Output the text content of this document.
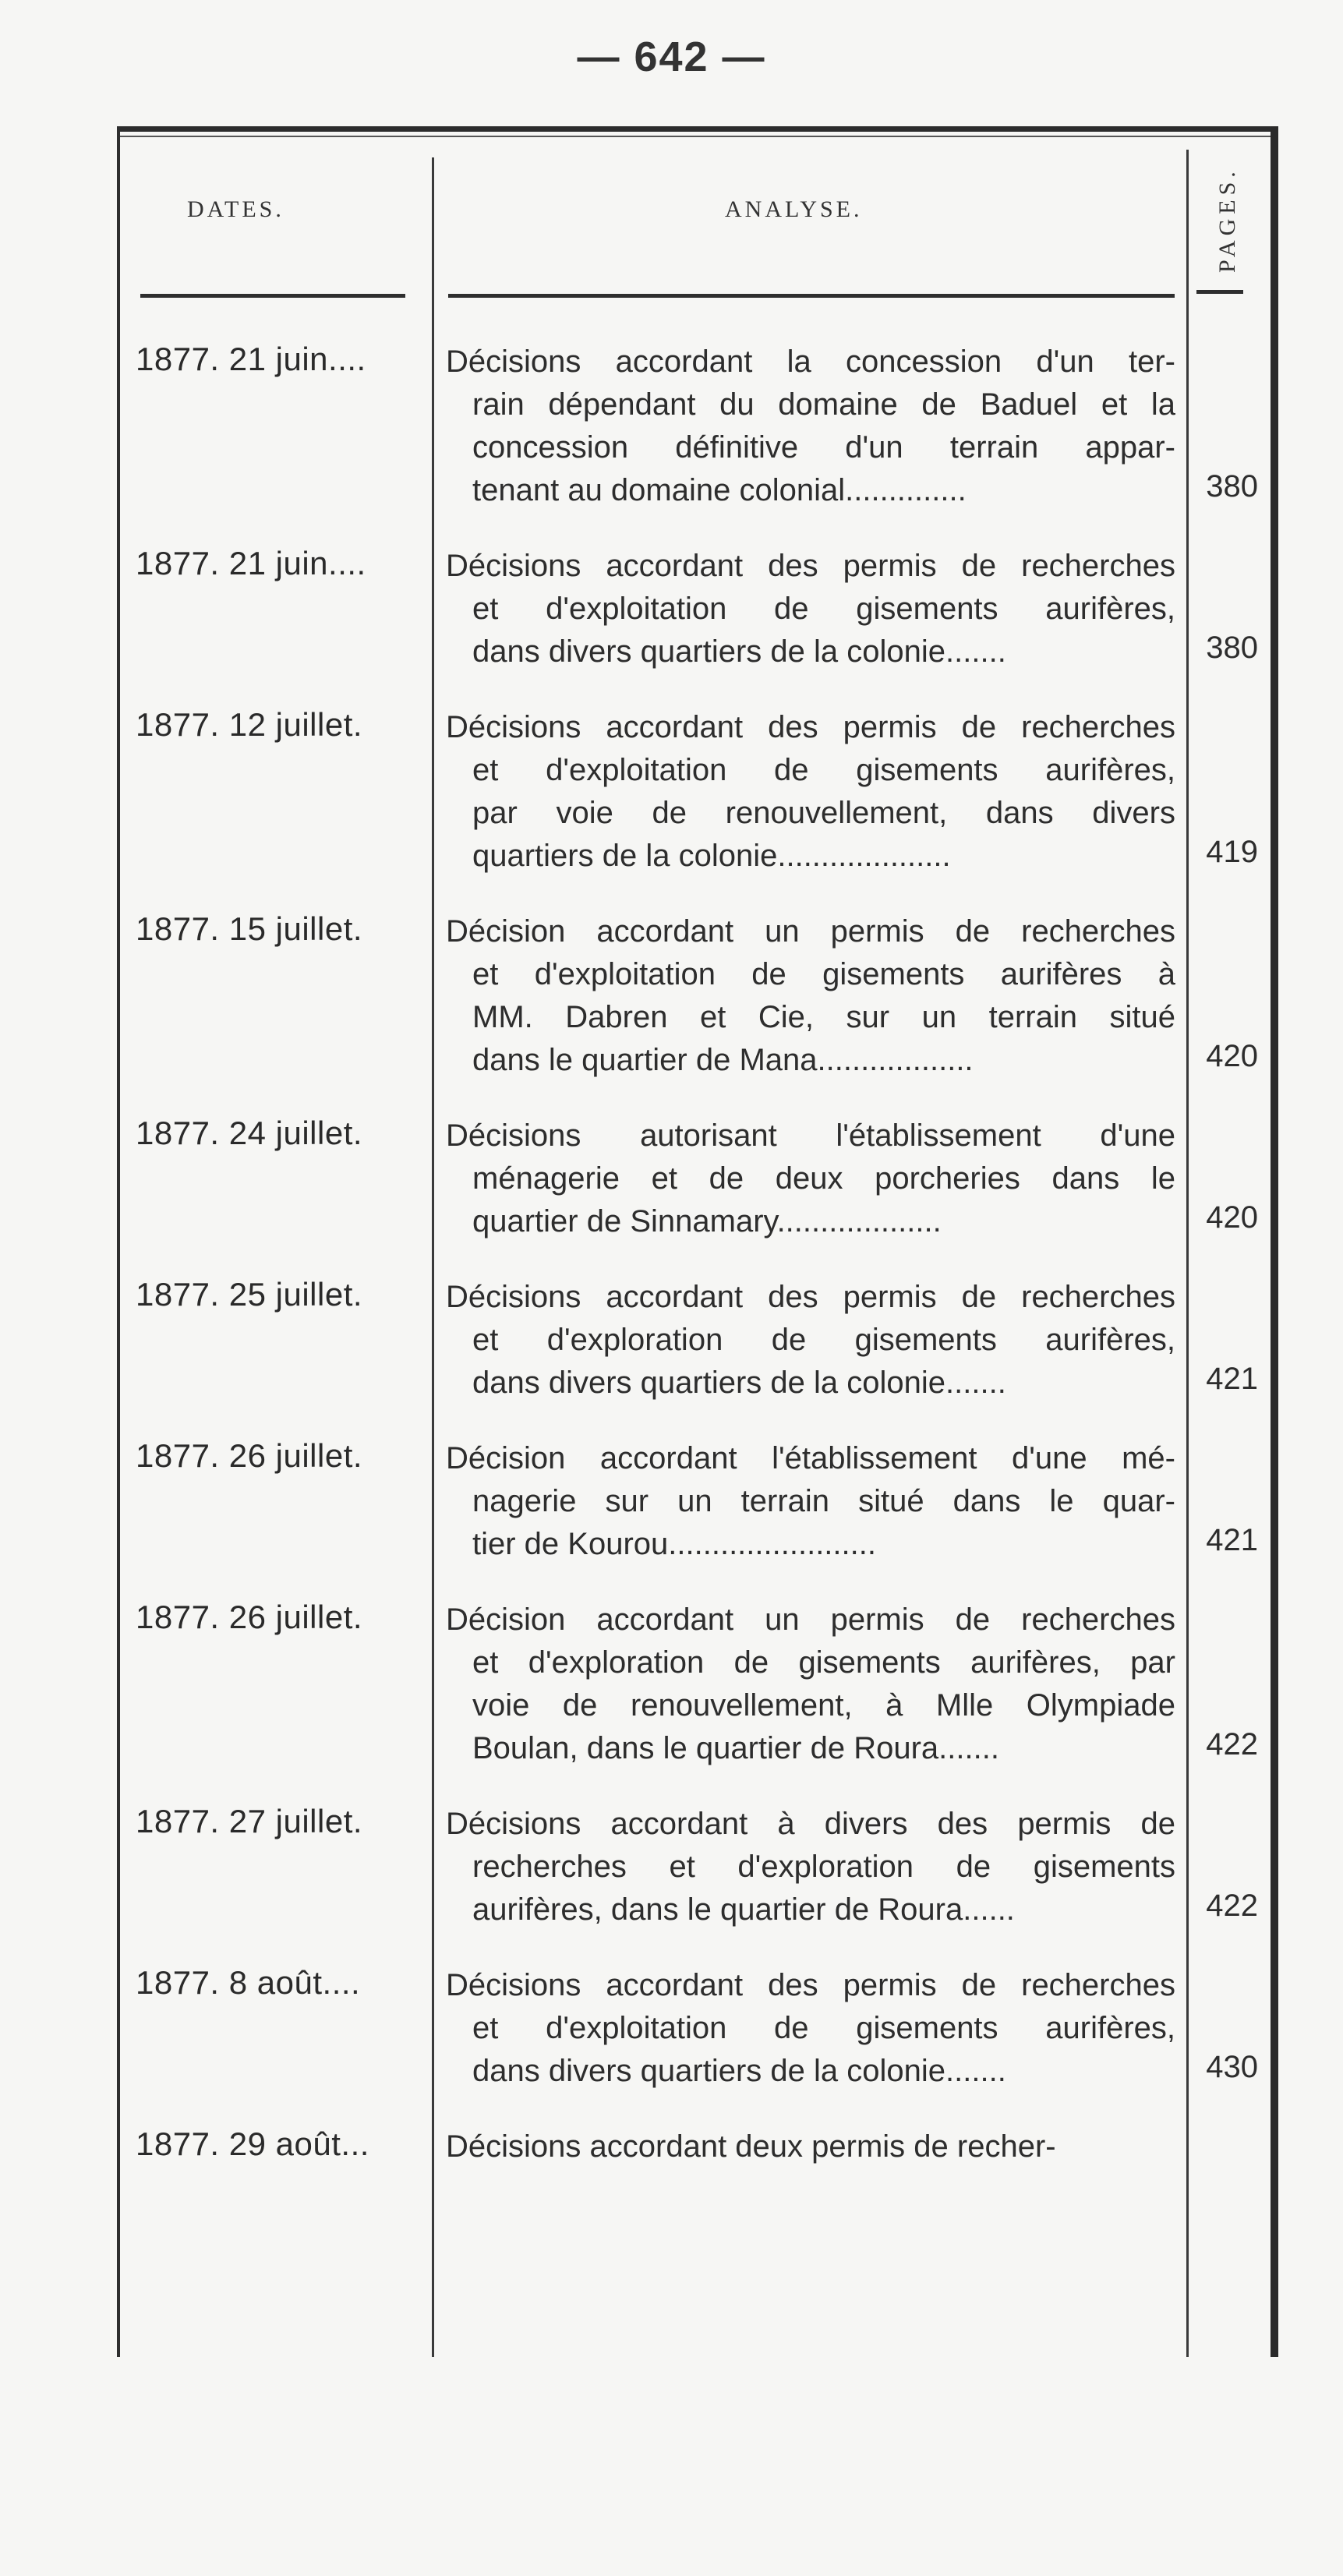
— 642 —
DATES.	ANALYSE.	PAGES.
1877. 21 juin....	Décisions accordant la concession d'un ter-
rain dépendant du domaine de Baduel et la
concession définitive d'un terrain appar-
tenant au domaine colonial..............	380
1877. 21 juin....	Décisions accordant des permis de recherches
et d'exploitation de gisements aurifères,
dans divers quartiers de la colonie.......	380
1877. 12 juillet.	Décisions accordant des permis de recherches
et d'exploitation de gisements aurifères,
par voie de renouvellement, dans divers
quartiers de la colonie....................	419
1877. 15 juillet.	Décision accordant un permis de recherches
et d'exploitation de gisements aurifères à
MM. Dabren et Cie, sur un terrain situé
dans le quartier de Mana..................	420
1877. 24 juillet.	Décisions autorisant l'établissement d'une
ménagerie et de deux porcheries dans le
quartier de Sinnamary...................	420
1877. 25 juillet.	Décisions accordant des permis de recherches
et d'exploration de gisements aurifères,
dans divers quartiers de la colonie.......	421
1877. 26 juillet.	Décision accordant l'établissement d'une mé-
nagerie sur un terrain situé dans le quar-
tier de Kourou........................	421
1877. 26 juillet.	Décision accordant un permis de recherches
et d'exploration de gisements aurifères, par
voie de renouvellement, à Mlle Olympiade
Boulan, dans le quartier de Roura.......	422
1877. 27 juillet.	Décisions accordant à divers des permis de
recherches et d'exploration de gisements
aurifères, dans le quartier de Roura......	422
1877. 8 août....	Décisions accordant des permis de recherches
et d'exploitation de gisements aurifères,
dans divers quartiers de la colonie.......	430
1877. 29 août...	Décisions accordant deux permis de recher-
